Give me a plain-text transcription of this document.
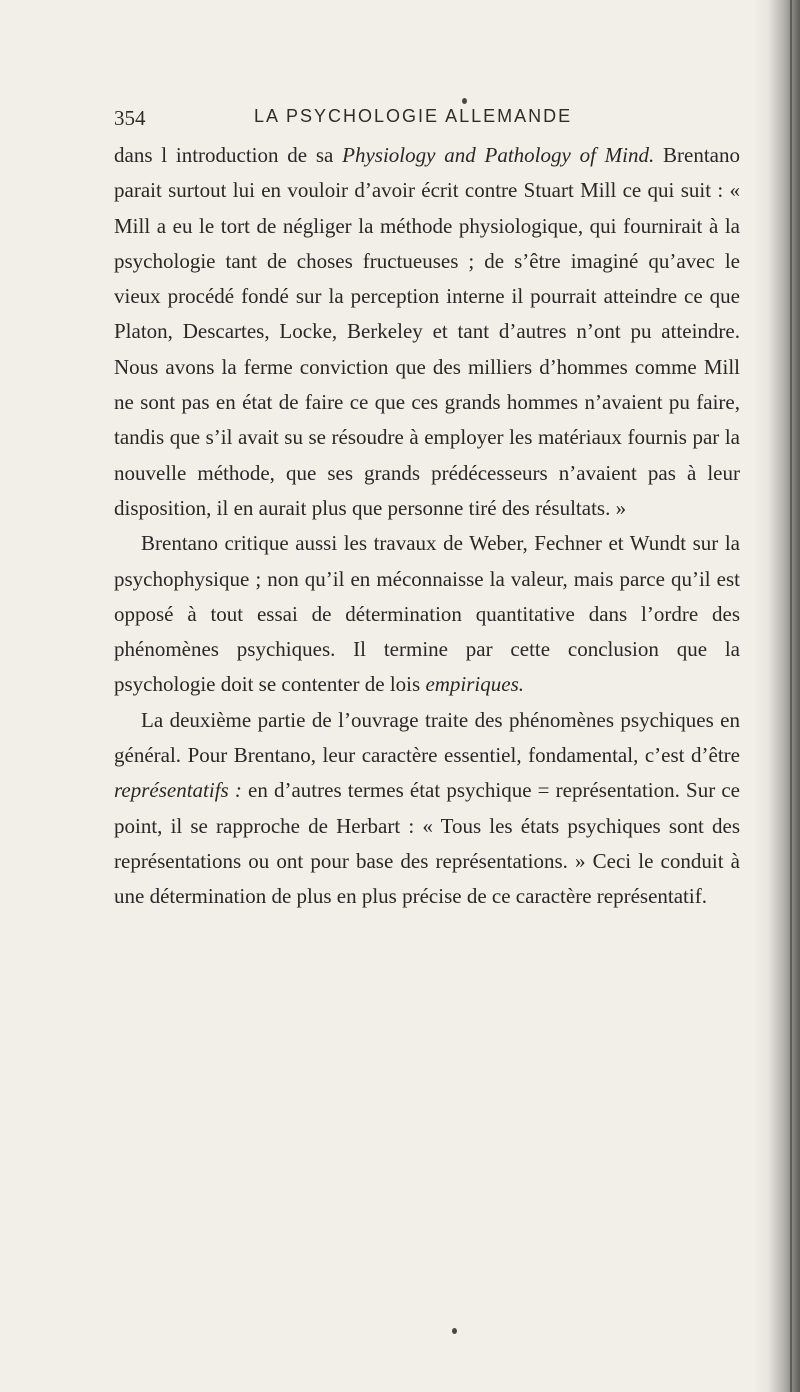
354	LA PSYCHOLOGIE ALLEMANDE

dans l introduction de sa Physiology and Pathology of Mind. Brentano parait surtout lui en vouloir d’avoir écrit contre Stuart Mill ce qui suit : « Mill a eu le tort de négliger la méthode physiologique, qui fournirait à la psychologie tant de choses fructueuses ; de s’être imaginé qu’avec le vieux procédé fondé sur la perception interne il pourrait atteindre ce que Platon, Descartes, Locke, Berkeley et tant d’autres n’ont pu atteindre. Nous avons la ferme conviction que des milliers d’hommes comme Mill ne sont pas en état de faire ce que ces grands hommes n’avaient pu faire, tandis que s’il avait su se résoudre à employer les matériaux fournis par la nouvelle méthode, que ses grands prédécesseurs n’avaient pas à leur disposition, il en aurait plus que personne tiré des résultats. »

Brentano critique aussi les travaux de Weber, Fechner et Wundt sur la psychophysique ; non qu’il en méconnaisse la valeur, mais parce qu’il est opposé à tout essai de détermination quantitative dans l’ordre des phénomènes psychiques. Il termine par cette conclusion que la psychologie doit se contenter de lois empiriques.

La deuxième partie de l’ouvrage traite des phénomènes psychiques en général. Pour Brentano, leur caractère essentiel, fondamental, c’est d’être représentatifs : en d’autres termes état psychique = représentation. Sur ce point, il se rapproche de Herbart : « Tous les états psychiques sont des représentations ou ont pour base des représentations. » Ceci le conduit à une détermination de plus en plus précise de ce caractère représentatif.
